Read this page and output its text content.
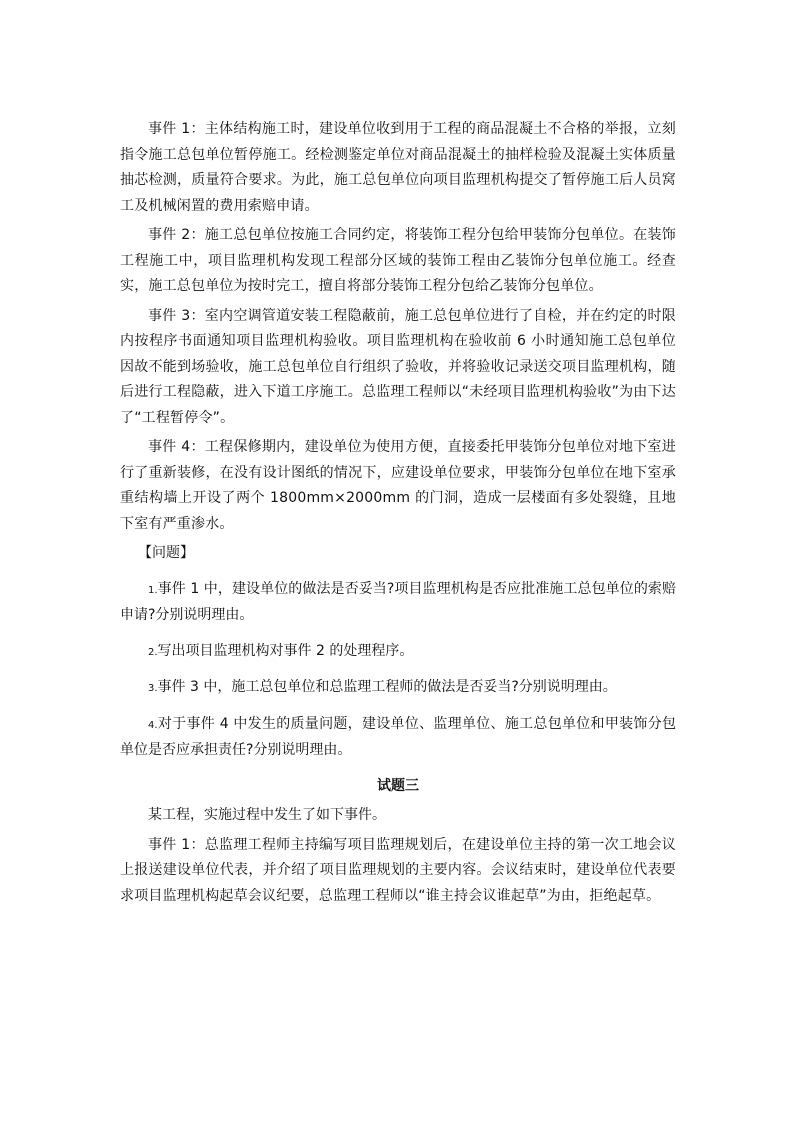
事件 1：主体结构施工时，建设单位收到用于工程的商品混凝土不合格的举报，立刻指令施工总包单位暂停施工。经检测鉴定单位对商品混凝土的抽样检验及混凝土实体质量抽芯检测，质量符合要求。为此，施工总包单位向项目监理机构提交了暂停施工后人员窝工及机械闲置的费用索赔申请。

事件 2：施工总包单位按施工合同约定，将装饰工程分包给甲装饰分包单位。在装饰工程施工中，项目监理机构发现工程部分区域的装饰工程由乙装饰分包单位施工。经查实，施工总包单位为按时完工，擅自将部分装饰工程分包给乙装饰分包单位。

事件 3：室内空调管道安装工程隐蔽前，施工总包单位进行了自检，并在约定的时限内按程序书面通知项目监理机构验收。项目监理机构在验收前 6 小时通知施工总包单位因故不能到场验收，施工总包单位自行组织了验收，并将验收记录送交项目监理机构，随后进行工程隐蔽，进入下道工序施工。总监理工程师以“未经项目监理机构验收”为由下达了“工程暂停令”。

事件 4：工程保修期内，建设单位为使用方便，直接委托甲装饰分包单位对地下室进行了重新装修，在没有设计图纸的情况下，应建设单位要求，甲装饰分包单位在地下室承重结构墙上开设了两个 1800mm×2000mm 的门洞，造成一层楼面有多处裂缝，且地下室有严重渗水。

【问题】

1.事件 1 中，建设单位的做法是否妥当?项目监理机构是否应批准施工总包单位的索赔申请?分别说明理由。

2.写出项目监理机构对事件 2 的处理程序。

3.事件 3 中，施工总包单位和总监理工程师的做法是否妥当?分别说明理由。

4.对于事件 4 中发生的质量问题，建设单位、监理单位、施工总包单位和甲装饰分包单位是否应承担责任?分别说明理由。

试题三

某工程，实施过程中发生了如下事件。

事件 1：总监理工程师主持编写项目监理规划后，在建设单位主持的第一次工地会议上报送建设单位代表，并介绍了项目监理规划的主要内容。会议结束时，建设单位代表要求项目监理机构起草会议纪要，总监理工程师以“谁主持会议谁起草”为由，拒绝起草。
